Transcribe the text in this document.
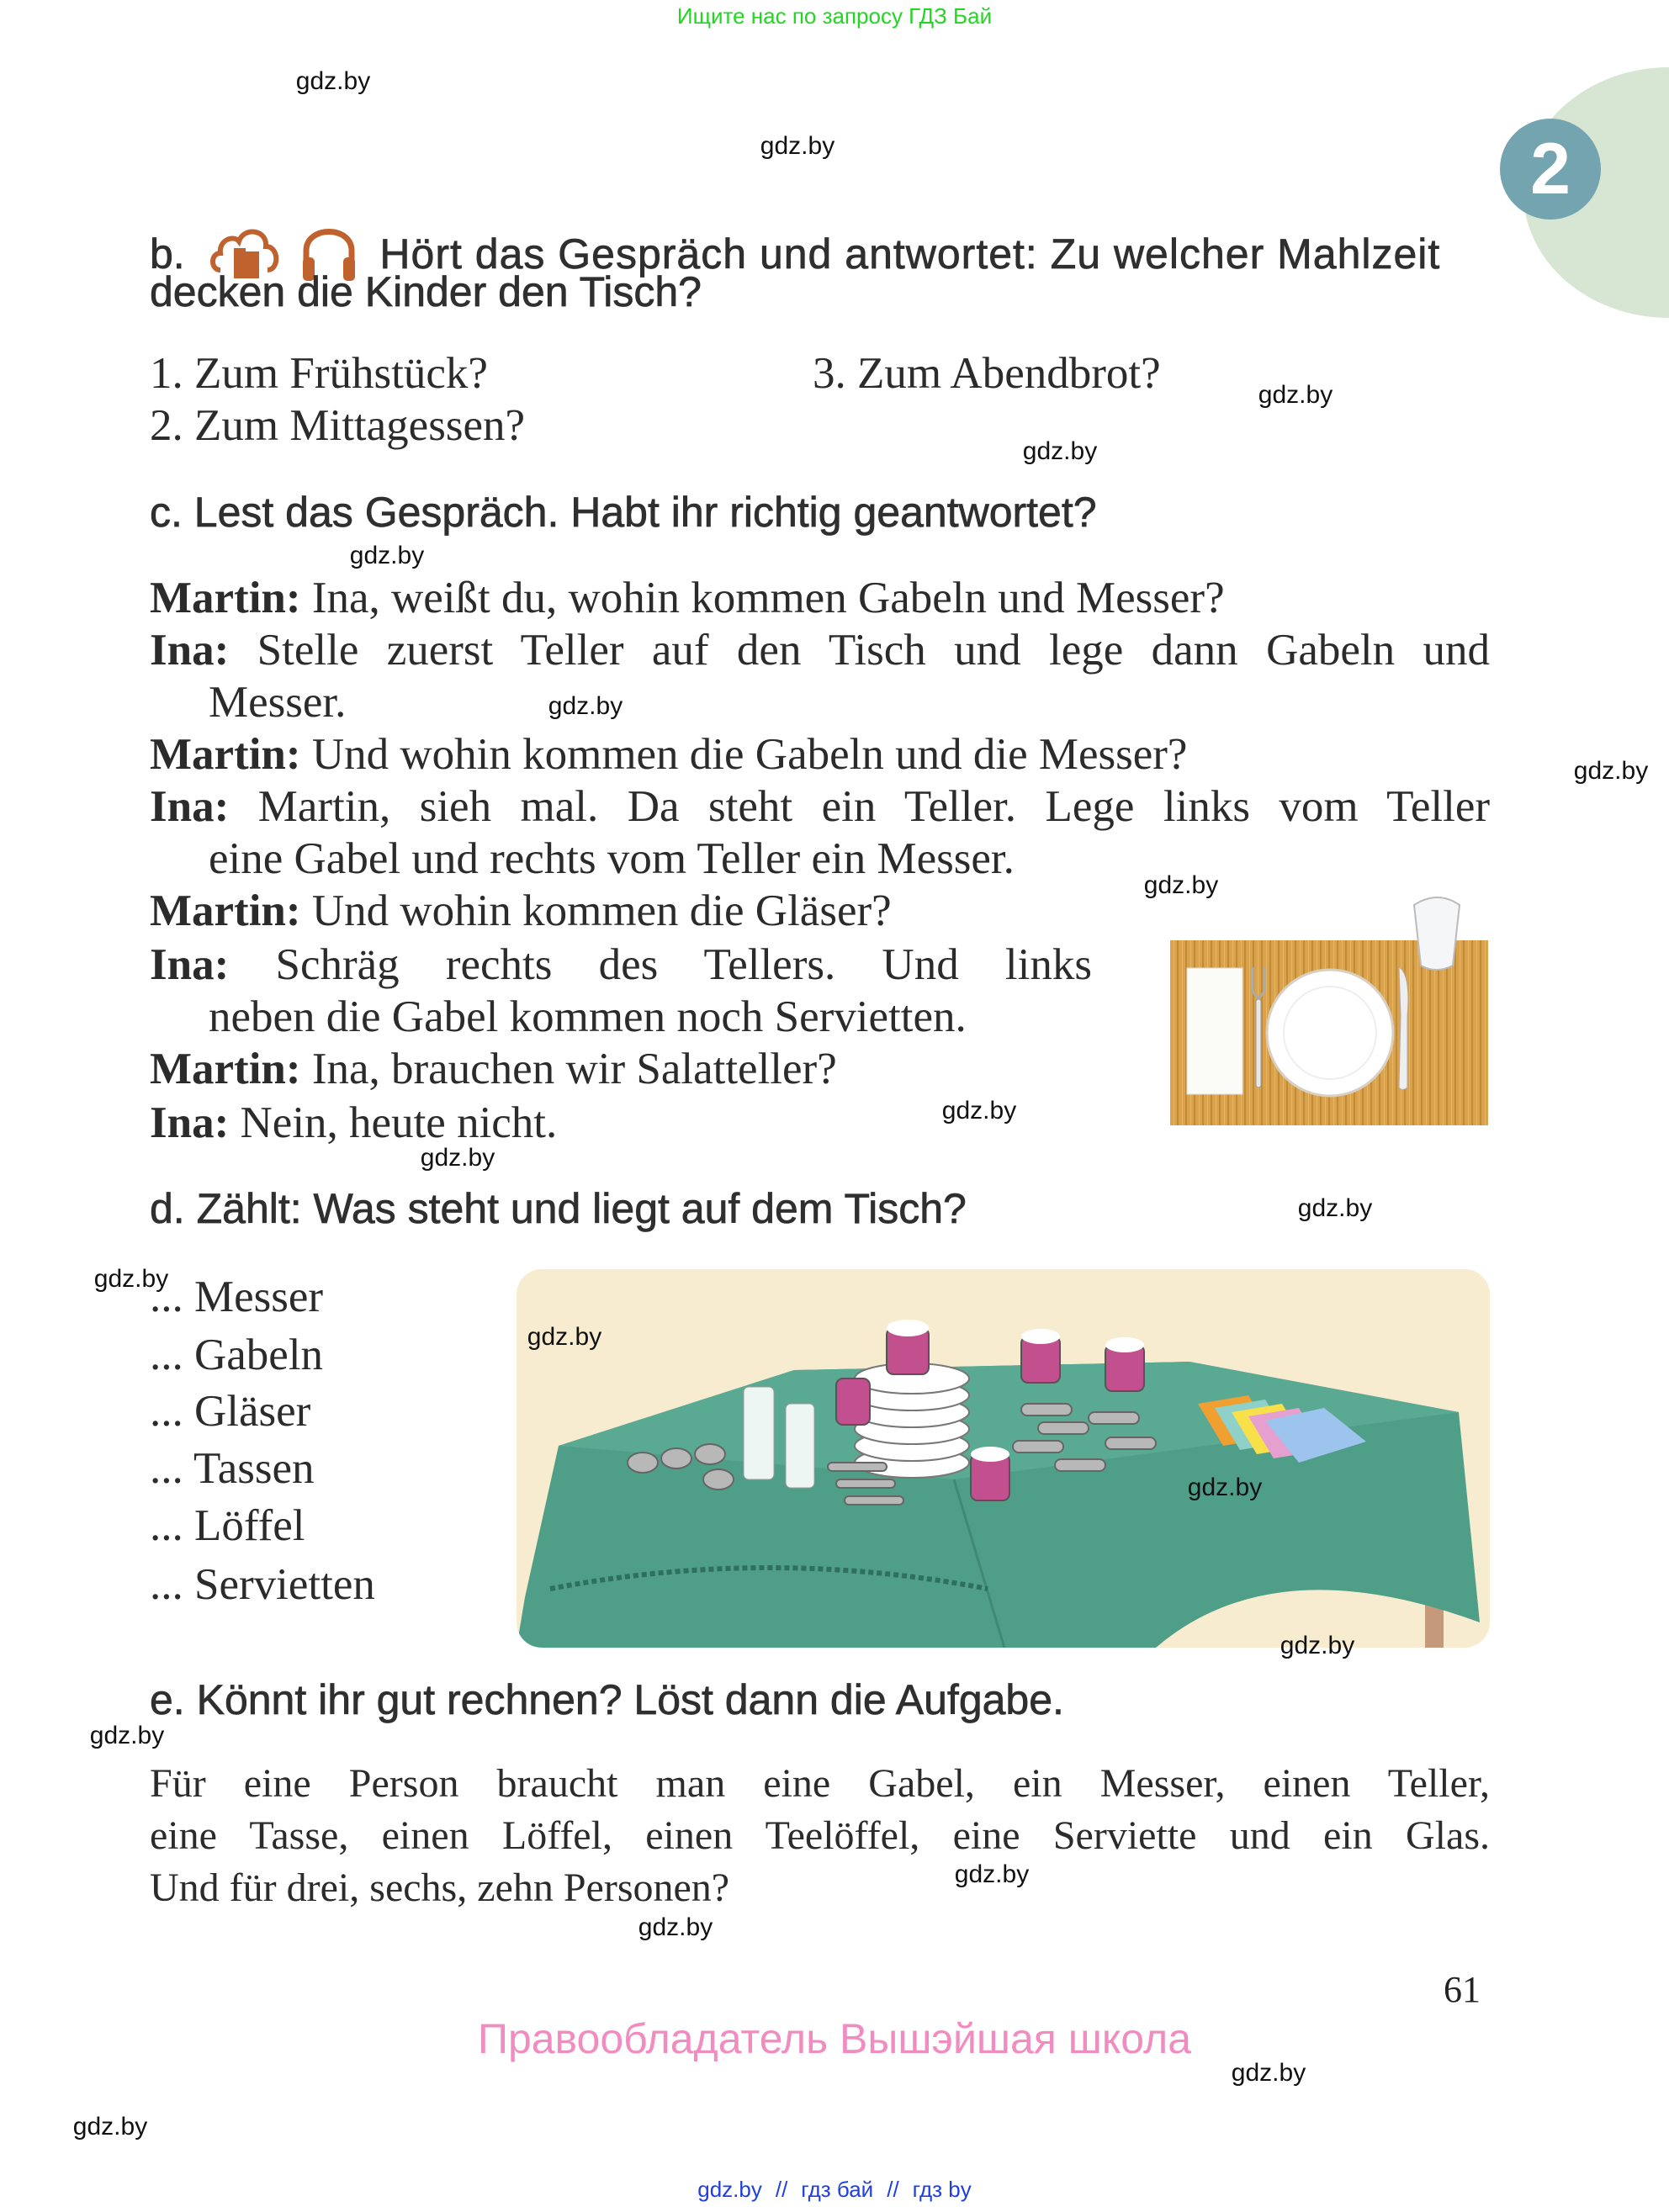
Ищите нас по запросу ГДЗ Бай
2
b.	Hört das Gespräch und antwortet: Zu welcher Mahlzeit
decken die Kinder den Tisch?
1. Zum Frühstück?
2. Zum Mittagessen?
3. Zum Abendbrot?
c. Lest das Gespräch. Habt ihr richtig geantwortet?
Martin: Ina, weißt du, wohin kommen Gabeln und Messer?
Ina: Stelle zuerst Teller auf den Tisch und lege dann Gabeln und
Messer.
Martin: Und wohin kommen die Gabeln und die Messer?
Ina: Martin, sieh mal. Da steht ein Teller. Lege links vom Teller
eine Gabel und rechts vom Teller ein Messer.
Martin: Und wohin kommen die Gläser?
Ina: Schräg rechts des Tellers. Und links
neben die Gabel kommen noch Servietten.
Martin: Ina, brauchen wir Salatteller?
Ina: Nein, heute nicht.
d. Zählt: Was steht und liegt auf dem Tisch?
... Messer
... Gabeln
... Gläser
... Tassen
... Löffel
... Servietten
e. Könnt ihr gut rechnen? Löst dann die Aufgabe.
Für eine Person braucht man eine Gabel, ein Messer, einen Teller,
eine Tasse, einen Löffel, einen Teelöffel, eine Serviette und ein Glas.
Und für drei, sechs, zehn Personen?
61
Правообладатель Вышэйшая школа
gdz.by // гдз бай // гдз by
gdz.by
gdz.by
gdz.by
gdz.by
gdz.by
gdz.by
gdz.by
gdz.by
gdz.by
gdz.by
gdz.by
gdz.by
gdz.by
gdz.by
gdz.by
gdz.by
gdz.by
gdz.by
gdz.by
gdz.by
